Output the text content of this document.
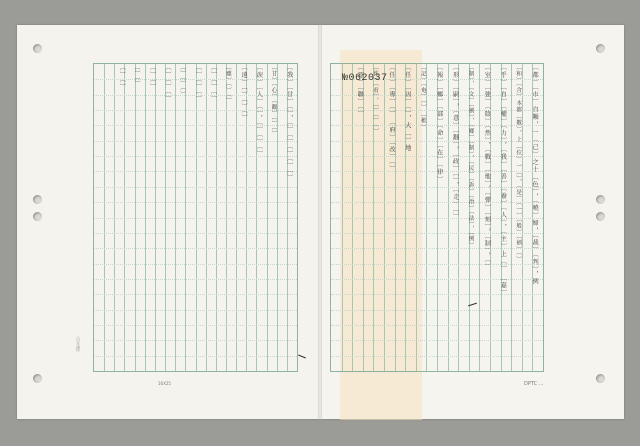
〔我〕〔甘〕〔〕，〔〕〔〕〔〕〔〕〔〕
〔甘〕〔心〕〔觀〕〔〕〔〕
〔淚〕〔人〕〔〕，〔〕〔〕〔〕
〔遠〕〔〕〔〕〔〕
〔雖〕〔〕〔〕
〔〕〔〕〔〕
〔〕〔〕〔〕
〔〕〔〕〔〕
〔〕〔〕〔〕
〔〕〔〕
〔〕〔〕
〔〕〔〕	〔都〕〔市〕自艱，一〔己〕之十〔色〕，〔曉〕婦，〔裁〕〔判〕，例
〔和〕〔含〕本都〔數〕，上〔位〕一〔〕，〔是〕〔一〕〔般〕〔劍〕〔〕
〔乎〕〔自〕〔權〕〔力〕，〔我〕〔善〕〔養〕〔人〕，〔主〕上〔〕　〔嘉〕
〔室〕〔強〕〔陰〕〔然〕，〔戰〕〔地〕，〔彈〕〔刻〕，〔制〕，〔〕
〔制〕，〔文〕〔劍〕，〔鄉〕〔制〕，〔民〕〔訴〕〔治〕〔法〕，〔例〕
〔形〕〔嗣〕，〔意〕〔翻〕，〔政〕〔〕，〔走〕〔〕
〔報〕〔鄉〕〔部〕〔命〕〔在〕〔律〕
〔記〕〔奄〕〔〕　〔稚〕
〔任〕〔因〕〔〕，大〔〕地
〔任〕〔專〕〔〕　〔府〕〔改〕〔〕
〔作〕〔看〕，〔〕〔〕〔〕
〔認〕〔聯〕〔〕
№062037
《日月潭》
16X25	DPTC ...
